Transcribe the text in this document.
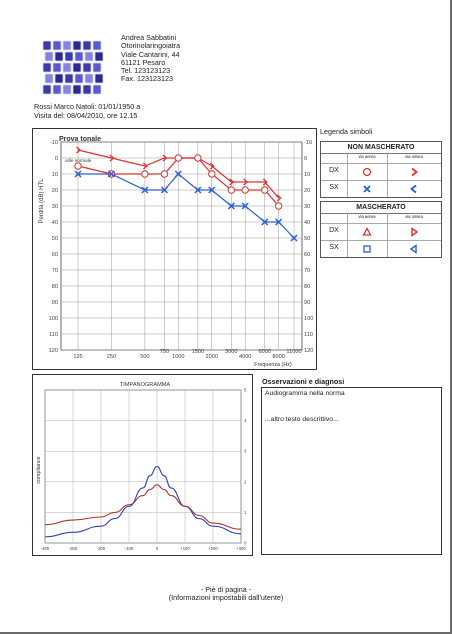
Andrea Sabbatini
Otorinolaringoiatra
Viale Cantarini, 44
61121 Pesaro
Tel. 123123123
Fax. 123123123
Rossi Marco Natoli: 01/01/1950 a
Visita del: 08/04/2010, ore 12.15
-10	-10
0	0
10	10
20	20
30	30
40	40
50	50
60	60
70	70
80	80
90	90
100	100
110	110
120	120
125	250	500	1000	2000	4000	8000
750	1500	3000	6000	11000
Prova tonale
utile normale
Perdita (dB) HTL
Frequenza (Hz)
Legenda simboli
NON MASCHERATO
via aerea	via ossea
DX
SX
MASCHERATO
via aerea	via ossea
DX
SX
-400	-300	-200	-100	0	+100	+200	+300
0
1
2
3
4
5
TIMPANOGRAMMA
compliance
Osservazioni e diagnosi
Audiogramma nella norma
...altro testo descrittivo...
- Piè di pagina -
(Informazioni impostabili dall'utente)
